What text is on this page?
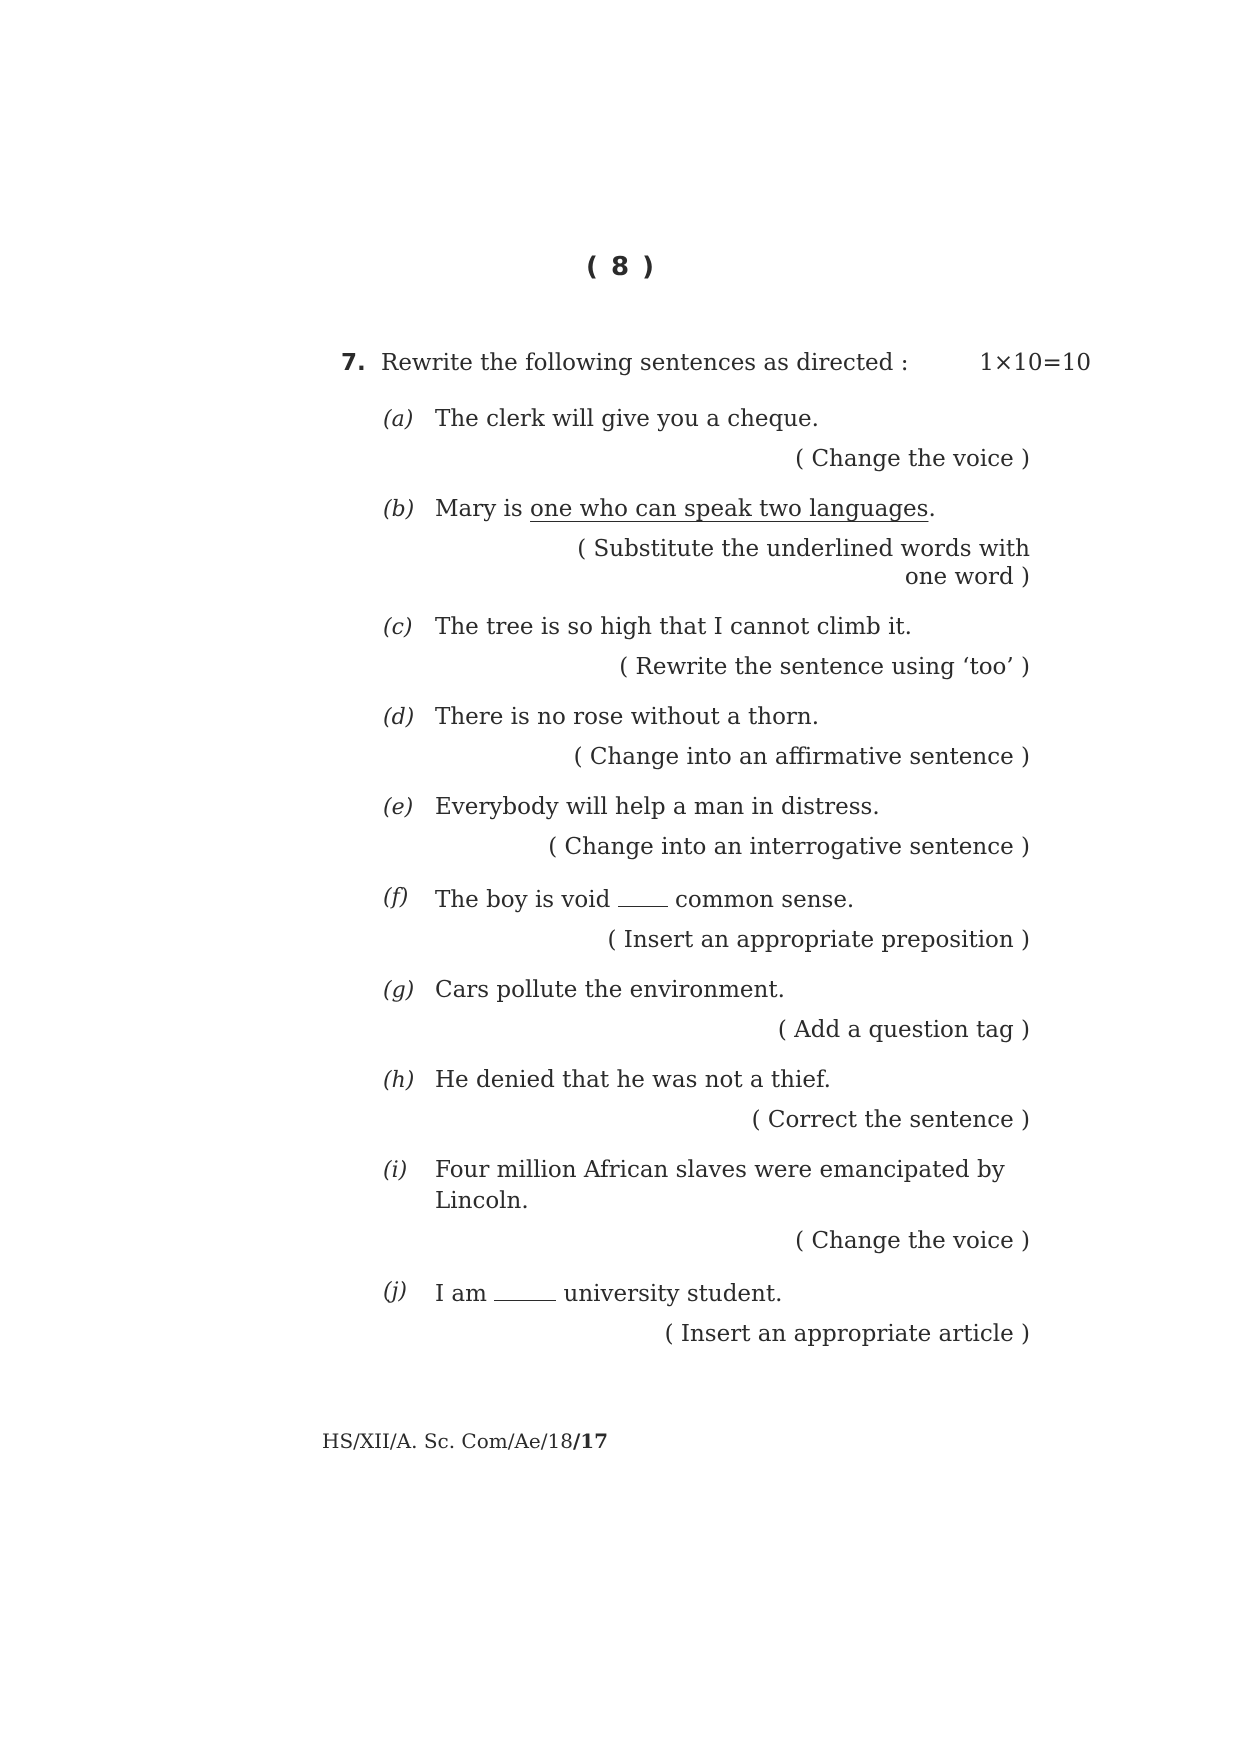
( 8 )
7. Rewrite the following sentences as directed :	1×10=10
(a) The clerk will give you a cheque.
( Change the voice )
(b) Mary is one who can speak two languages.
( Substitute the underlined words with
one word )
(c) The tree is so high that I cannot climb it.
( Rewrite the sentence using ‘too’ )
(d) There is no rose without a thorn.
( Change into an affirmative sentence )
(e) Everybody will help a man in distress.
( Change into an interrogative sentence )
(f) The boy is void  common sense.
( Insert an appropriate preposition )
(g) Cars pollute the environment.
( Add a question tag )
(h) He denied that he was not a thief.
( Correct the sentence )
(i) Four million African slaves were emancipated by
Lincoln.
( Change the voice )
(j) I am	university student.
( Insert an appropriate article )
HS/XII/A. Sc. Com/Ae/18/17
